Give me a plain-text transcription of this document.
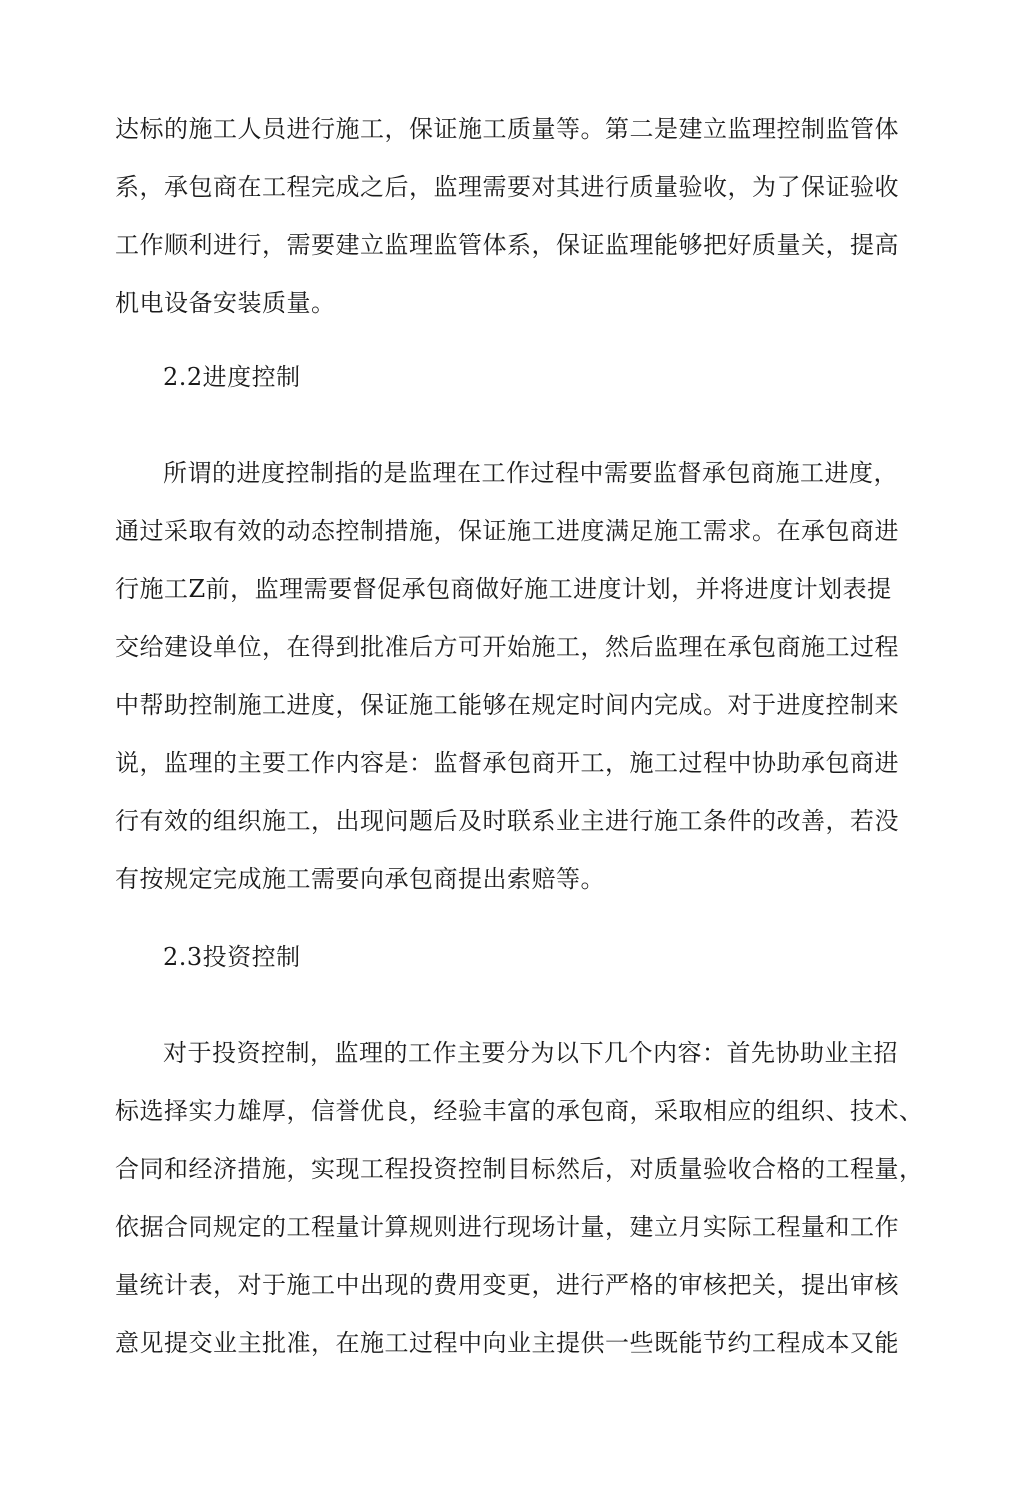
达标的施工人员进行施工，保证施工质量等。第二是建立监理控制监管体
系，承包商在工程完成之后，监理需要对其进行质量验收，为了保证验收
工作顺利进行，需要建立监理监管体系，保证监理能够把好质量关，提高
机电设备安装质量。
2.2进度控制
所谓的进度控制指的是监理在工作过程中需要监督承包商施工进度，
通过采取有效的动态控制措施，保证施工进度满足施工需求。在承包商进
行施工Z前，监理需要督促承包商做好施工进度计划，并将进度计划表提
交给建设单位，在得到批准后方可开始施工，然后监理在承包商施工过程
中帮助控制施工进度，保证施工能够在规定时间内完成。对于进度控制来
说，监理的主要工作内容是：监督承包商开工，施工过程中协助承包商进
行有效的组织施工，出现问题后及时联系业主进行施工条件的改善，若没
有按规定完成施工需要向承包商提出索赔等。
2.3投资控制
对于投资控制，监理的工作主要分为以下几个内容：首先协助业主招
标选择实力雄厚，信誉优良，经验丰富的承包商，采取相应的组织、技术、
合同和经济措施，实现工程投资控制目标然后，对质量验收合格的工程量，
依据合同规定的工程量计算规则进行现场计量，建立月实际工程量和工作
量统计表，对于施工中出现的费用变更，进行严格的审核把关，提出审核
意见提交业主批准，在施工过程中向业主提供一些既能节约工程成本又能
